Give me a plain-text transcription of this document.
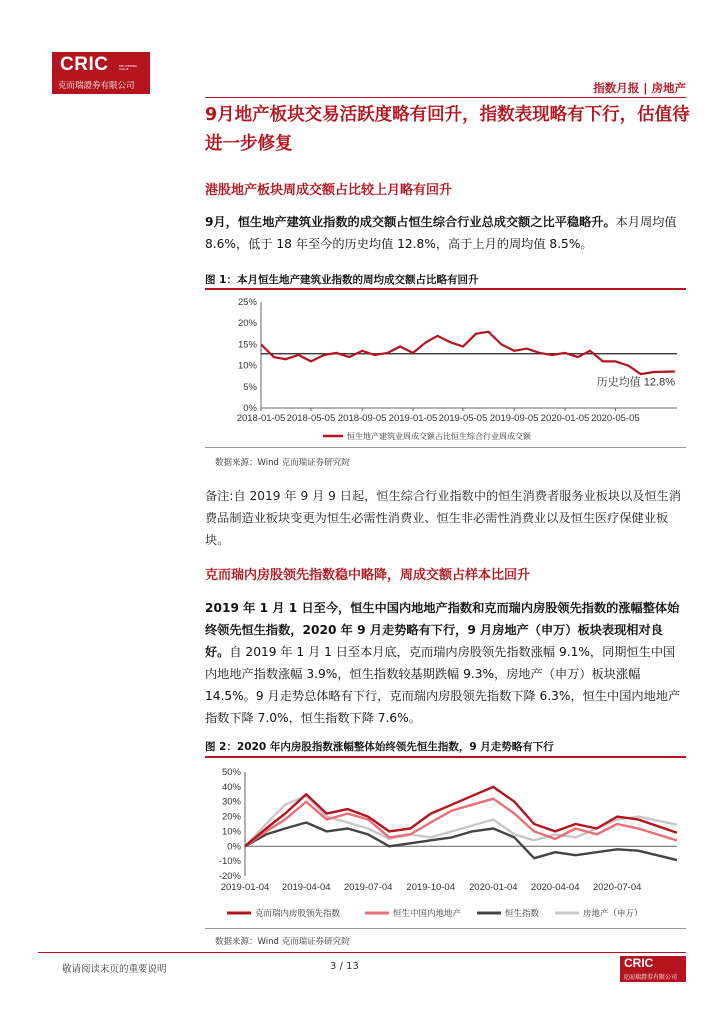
CRIC	DELIVERING VALUE
克而瑞證劵有限公司	指数月报 | 房地产
9月地产板块交易活跃度略有回升，指数表现略有下行，估值待进一步修复
港股地产板块周成交额占比较上月略有回升
9月，恒生地产建筑业指数的成交额占恒生综合行业总成交额之比平稳略升。本月周均值 8.6%，低于 18 年至今的历史均值 12.8%，高于上月的周均值 8.5%。
图 1：本月恒生地产建筑业指数的周均成交额占比略有回升
0%
5%
10%
15%
20%
25%
2018-01-05 2018-05-05 2018-09-05 2019-01-05 2019-05-05 2019-09-05 2020-01-05 2020-05-05
历史均值 12.8%
恒生地产建筑业周成交额占比恒生综合行业周成交额
数据来源：Wind 克而瑞证券研究院
备注:自 2019 年 9 月 9 日起，恒生综合行业指数中的恒生消费者服务业板块以及恒生消费品制造业板块变更为恒生必需性消费业、恒生非必需性消费业以及恒生医疗保健业板块。
克而瑞内房股领先指数稳中略降，周成交额占样本比回升
2019 年 1 月 1 日至今，恒生中国内地地产指数和克而瑞内房股领先指数的涨幅整体始终领先恒生指数，2020 年 9 月走势略有下行，9 月房地产（申万）板块表现相对良好。自 2019 年 1 月 1 日至本月底，克而瑞内房股领先指数涨幅 9.1%，同期恒生中国内地地产指数涨幅 3.9%，恒生指数较基期跌幅 9.3%，房地产（申万）板块涨幅 14.5%。9 月走势总体略有下行，克而瑞内房股领先指数下降 6.3%，恒生中国内地地产指数下降 7.0%，恒生指数下降 7.6%。
图 2：2020 年内房股指数涨幅整体始终领先恒生指数，9 月走势略有下行
50%
40%
30%
20%
10%
0%
-10%
-20%
2019-01-04 2019-04-04 2019-07-04 2019-10-04 2020-01-04 2020-04-04 2020-07-04
克而瑞内房股领先指数	恒生中国内地地产	恒生指数	房地产（申万）
数据来源：Wind 克而瑞证券研究院
敬请阅读末页的重要说明	3 / 13	CRIC
克而瑞證劵有限公司
